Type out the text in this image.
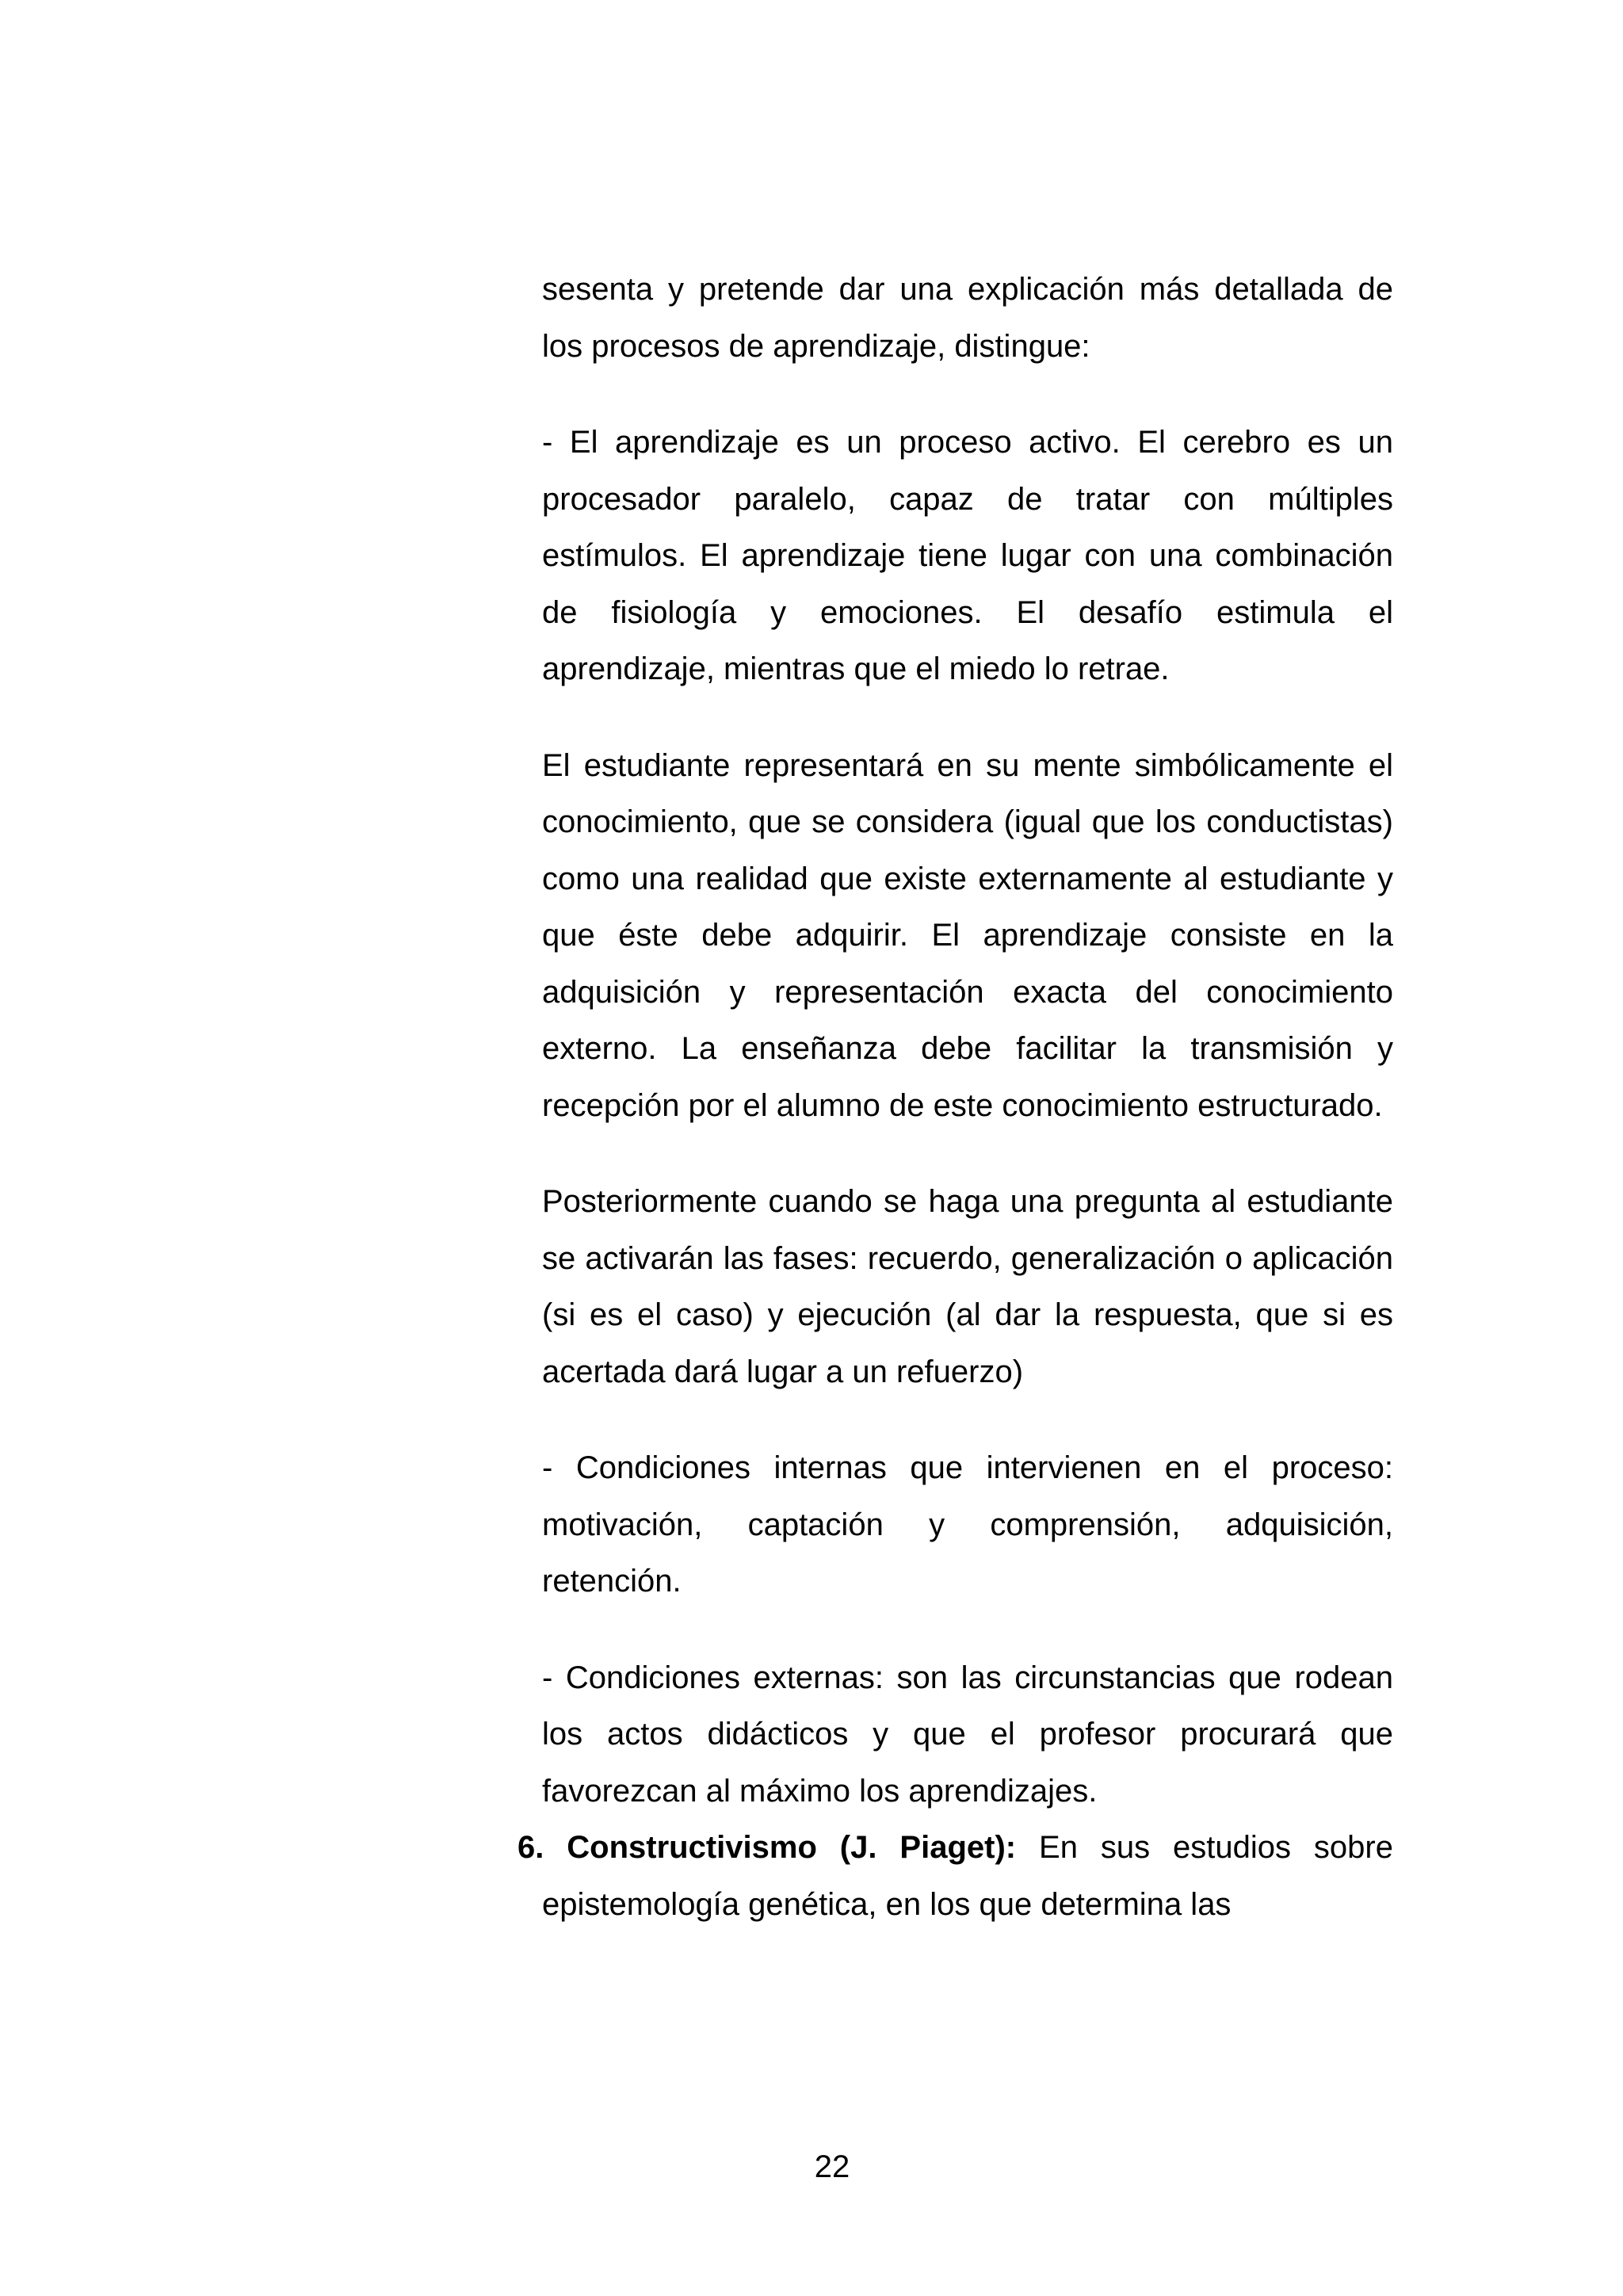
sesenta y pretende dar una explicación más detallada de los procesos de aprendizaje, distingue:

- El aprendizaje es un proceso activo. El cerebro es un procesador paralelo, capaz de tratar con múltiples estímulos. El aprendizaje tiene lugar con una combinación de fisiología y emociones. El desafío estimula el aprendizaje, mientras que el miedo lo retrae.

El estudiante representará en su mente simbólicamente el conocimiento, que se considera (igual que los conductistas) como una realidad que existe externamente al estudiante y que éste debe adquirir. El aprendizaje consiste en la adquisición y representación exacta del conocimiento externo. La enseñanza debe facilitar la transmisión y recepción por el alumno de este conocimiento estructurado.

Posteriormente cuando se haga una pregunta al estudiante se activarán las fases: recuerdo, generalización o aplicación (si es el caso) y ejecución (al dar la respuesta, que si es acertada dará lugar a un refuerzo)

- Condiciones internas que intervienen en el proceso: motivación, captación y comprensión, adquisición, retención.

- Condiciones externas: son las circunstancias que rodean los actos didácticos y que el profesor procurará que favorezcan al máximo los aprendizajes.

6. Constructivismo (J. Piaget): En sus estudios sobre epistemología genética, en los que determina las

22
